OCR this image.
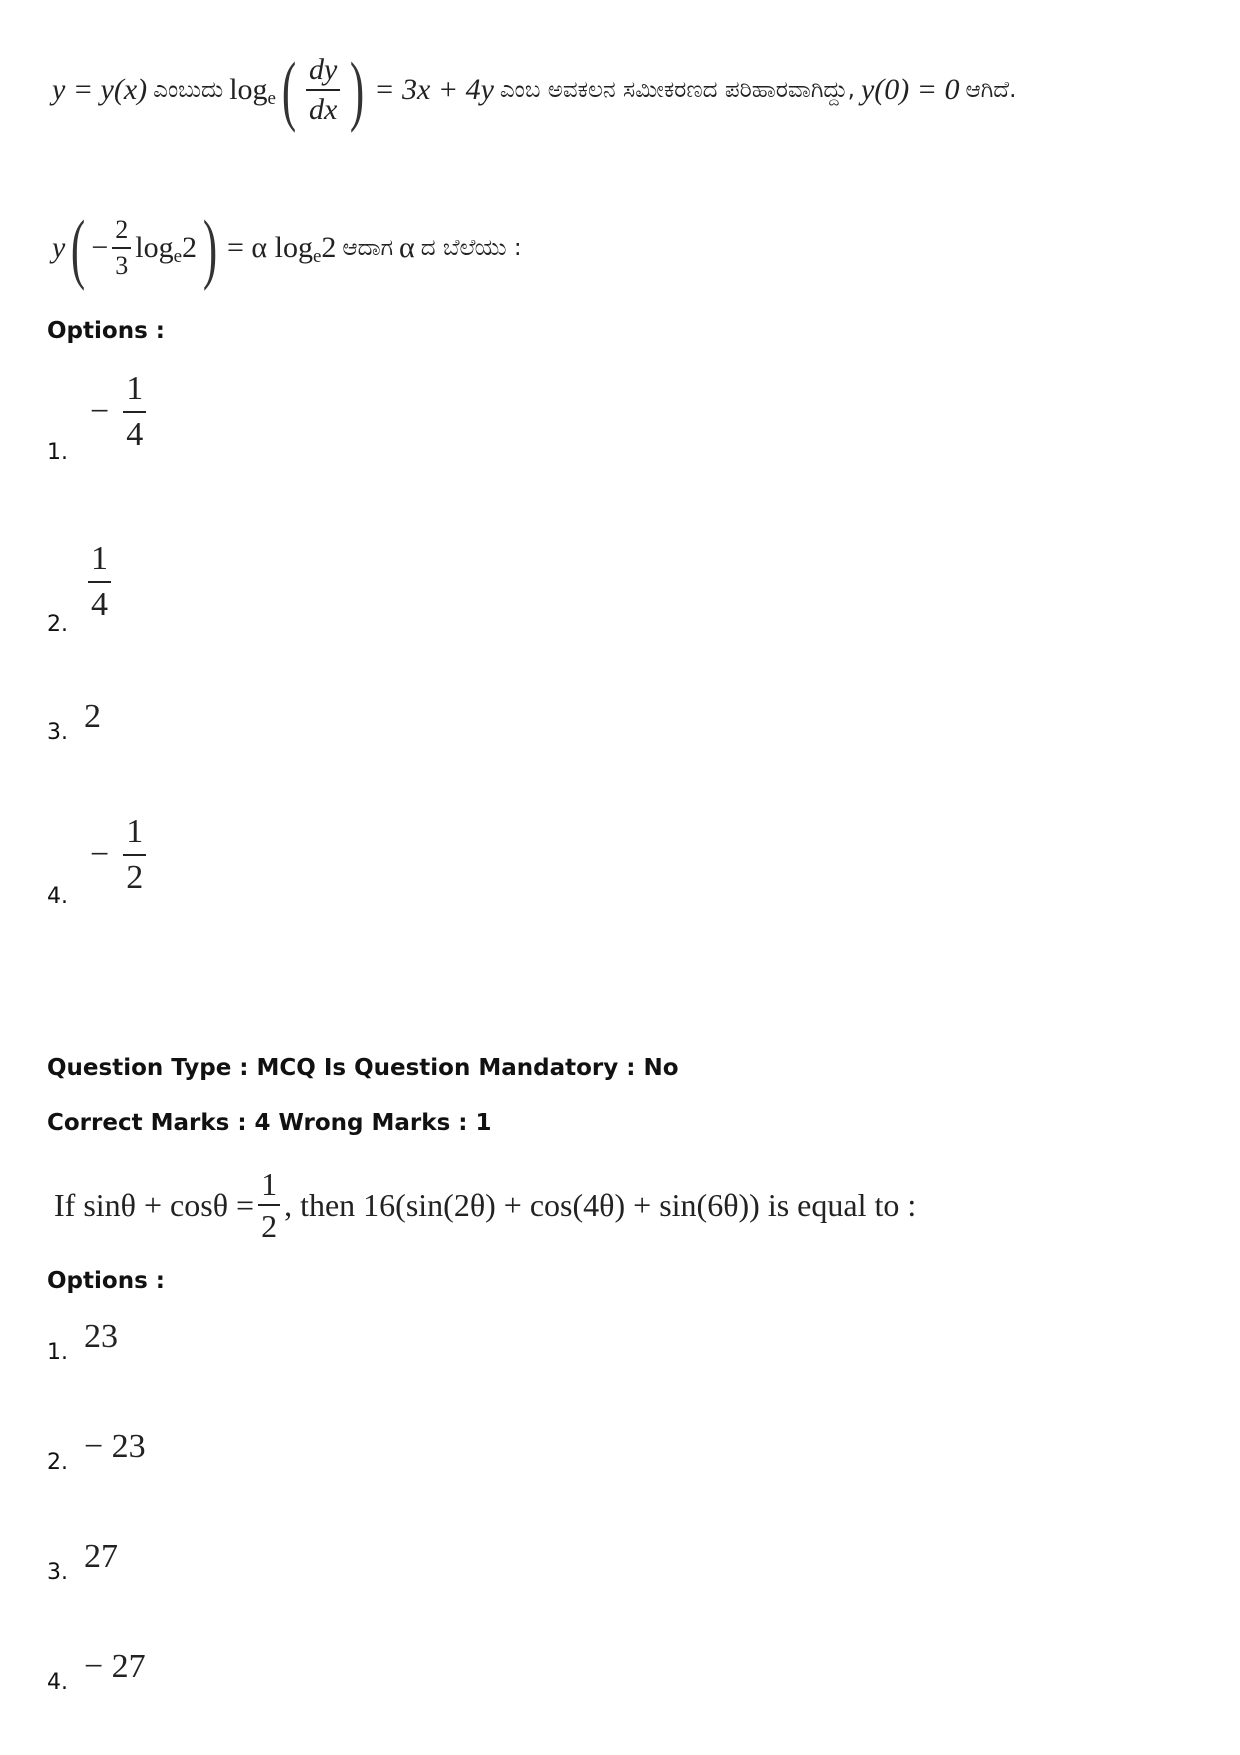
y = y(x) ಎಂಬುದು log e ( $\frac{dy}{dx}$ ) = 3x + 4y ಎಂಬ ಅವಕಲನ ಸಮೀಕರಣದ ಪರಿಹಾರವಾಗಿದ್ದು, y(0) = 0 ಆಗಿದೆ.
y ( − $\frac{2}{3}$ log e 2 ) = α log e 2 ಆದಾಗ α ದ ಬೆಲೆಯು :
Options :
1.
− $\frac{1}{4}$
2.
$\frac{1}{4}$
3. 2
4.
− $\frac{1}{2}$
Question Type : MCQ Is Question Mandatory : No
Correct Marks : 4 Wrong Marks : 1
If $\sin\theta + \cos\theta = \frac{1}{2}$ , then 16(sin(2θ) + cos(4θ) + sin(6θ)) is equal to :
Options :
1. 23
2. − 23
3. 27
4. − 27
